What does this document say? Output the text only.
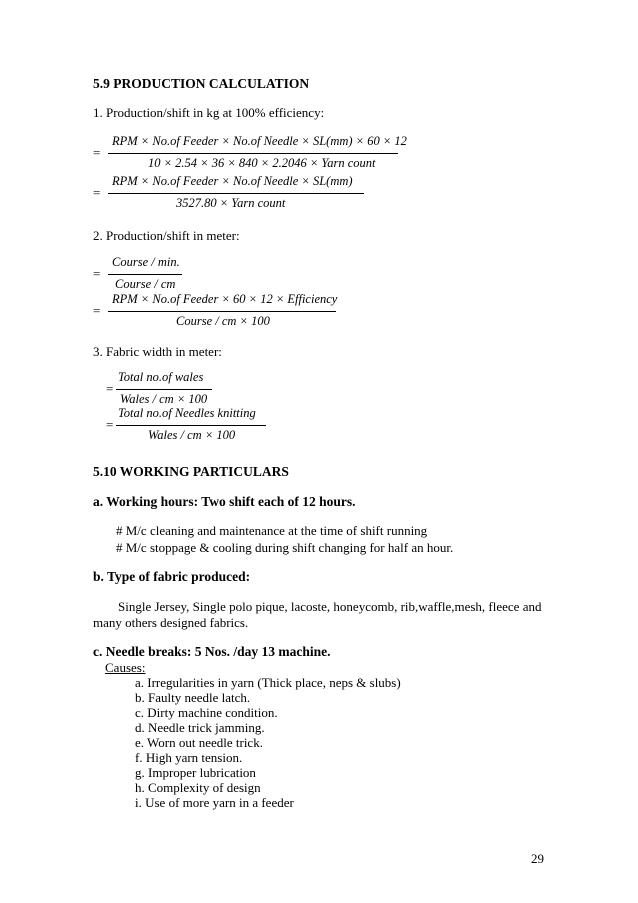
5.9 PRODUCTION CALCULATION
1. Production/shift in kg at 100% efficiency:
RPM × No.of Feeder × No.of Needle × SL(mm) × 60 × 12
=
10 × 2.54 × 36 × 840 × 2.2046 × Yarn count
RPM × No.of Feeder × No.of Needle × SL(mm)
=
3527.80 × Yarn count
2. Production/shift in meter:
Course / min.
=
Course / cm
RPM × No.of Feeder × 60 × 12 × Efficiency
=
Course / cm × 100
3. Fabric width in meter:
Total no.of wales
=
Wales / cm × 100
Total no.of Needles knitting
=
Wales / cm × 100
5.10 WORKING PARTICULARS
a. Working hours: Two shift each of 12 hours.
# M/c cleaning and maintenance at the time of shift running
# M/c stoppage & cooling during shift changing for half an hour.
b. Type of fabric produced:
Single Jersey, Single polo pique, lacoste, honeycomb, rib,waffle,mesh, fleece and
many others designed fabrics.
c. Needle breaks: 5 Nos. /day 13 machine.
Causes:
a. Irregularities in yarn (Thick place, neps & slubs)
b. Faulty needle latch.
c. Dirty machine condition.
d. Needle trick jamming.
e. Worn out needle trick.
f. High yarn tension.
g. Improper lubrication
h. Complexity of design
i. Use of more yarn in a feeder
29
